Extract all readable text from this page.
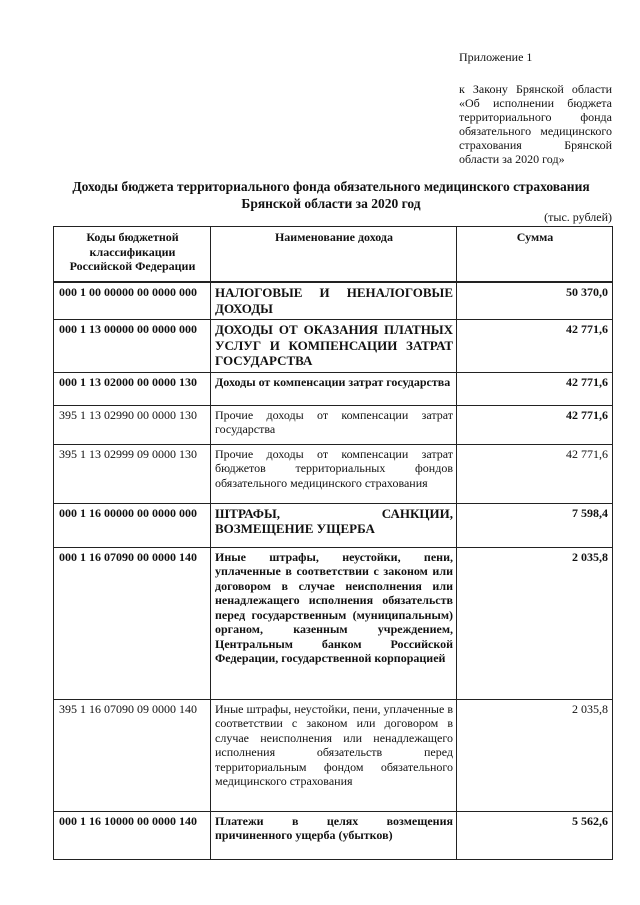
Приложение 1
к Закону Брянской области «Об исполнении бюджета территориального фонда обязательного медицинского страхования Брянской области за 2020 год»
Доходы бюджета территориального фонда обязательного медицинского страхования Брянской области за 2020 год
(тыс. рублей)
Коды бюджетной классификации Российской Федерации	Наименование дохода	Сумма
000 1 00 00000 00 0000 000	НАЛОГОВЫЕ И НЕНАЛОГОВЫЕ ДОХОДЫ	50 370,0
000 1 13 00000 00 0000 000	ДОХОДЫ ОТ ОКАЗАНИЯ ПЛАТНЫХ УСЛУГ И КОМПЕНСАЦИИ ЗАТРАТ ГОСУДАРСТВА	42 771,6
000 1 13 02000 00 0000 130	Доходы от компенсации затрат государства	42 771,6
395 1 13 02990 00 0000 130	Прочие доходы от компенсации затрат государства	42 771,6
395 1 13 02999 09 0000 130	Прочие доходы от компенсации затрат бюджетов территориальных фондов обязательного медицинского страхования	42 771,6
000 1 16 00000 00 0000 000	ШТРАФЫ, САНКЦИИ, ВОЗМЕЩЕНИЕ УЩЕРБА	7 598,4
000 1 16 07090 00 0000 140	Иные штрафы, неустойки, пени, уплаченные в соответствии с законом или договором в случае неисполнения или ненадлежащего исполнения обязательств перед государственным (муниципальным) органом, казенным учреждением, Центральным банком Российской Федерации, государственной корпорацией	2 035,8
395 1 16 07090 09 0000 140	Иные штрафы, неустойки, пени, уплаченные в соответствии с законом или договором в случае неисполнения или ненадлежащего исполнения обязательств перед территориальным фондом обязательного медицинского страхования	2 035,8
000 1 16 10000 00 0000 140	Платежи в целях возмещения причиненного ущерба (убытков)	5 562,6
